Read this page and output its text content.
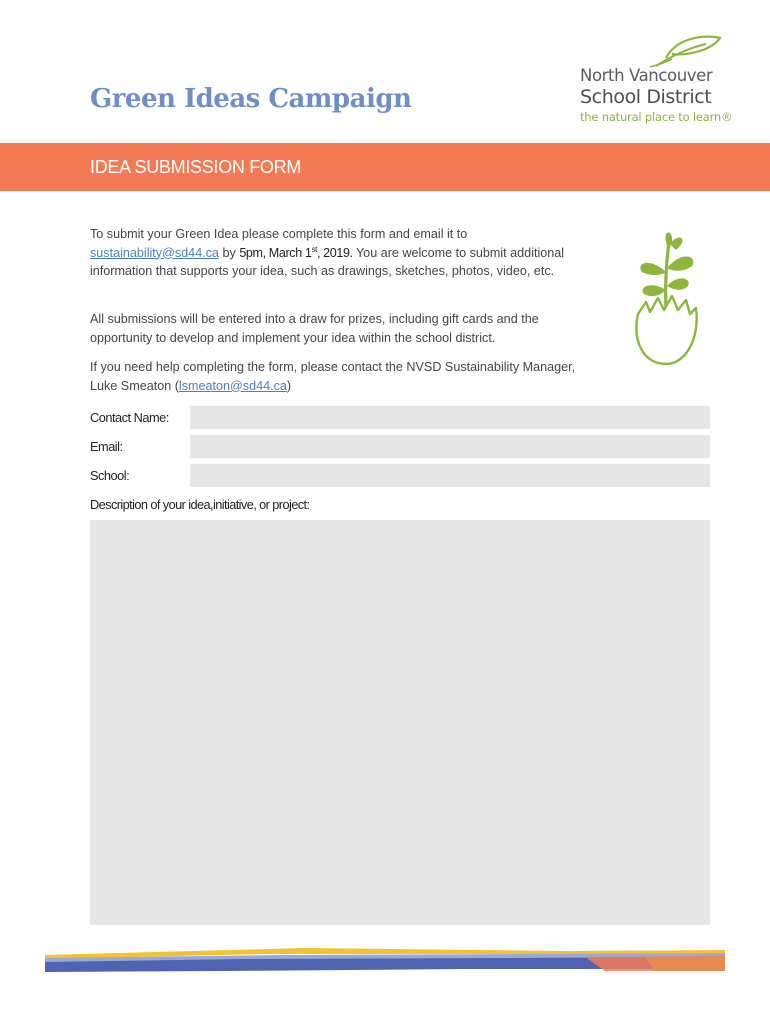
Green Ideas Campaign
North Vancouver
School District
the natural place to learn®
IDEA SUBMISSION FORM

To submit your Green Idea please complete this form and email it to
sustainability@sd44.ca by 5pm, March 1st, 2019. You are welcome to submit additional information that supports your idea, such as drawings, sketches, photos, video, etc.

All submissions will be entered into a draw for prizes, including gift cards and the opportunity to develop and implement your idea within the school district.

If you need help completing the form, please contact the NVSD Sustainability Manager, Luke Smeaton (lsmeaton@sd44.ca)

Contact Name:
Email:
School:
Description of your idea,initiative, or project:
